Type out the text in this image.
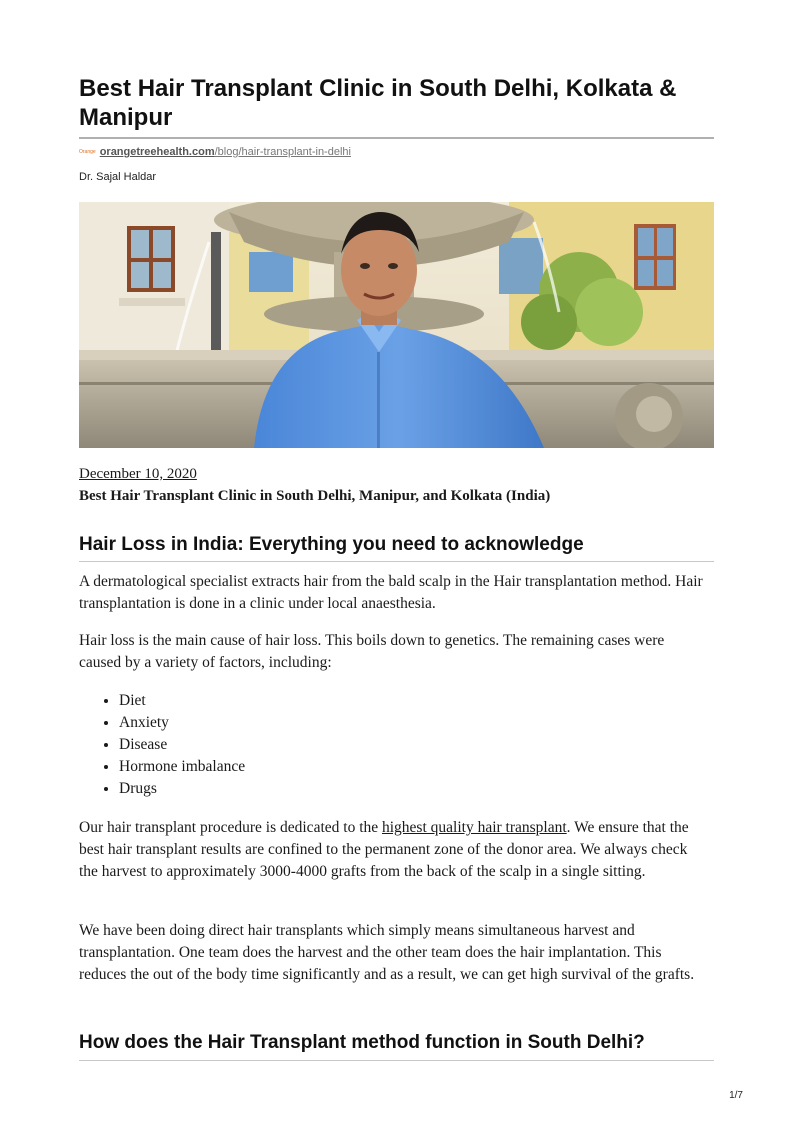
Best Hair Transplant Clinic in South Delhi, Kolkata & Manipur
Orange orangetreehealth.com /blog/hair-transplant-in-delhi
Dr. Sajal Haldar
December 10, 2020
Best Hair Transplant Clinic in South Delhi, Manipur, and Kolkata (India)
Hair Loss in India: Everything you need to acknowledge

A dermatological specialist extracts hair from the bald scalp in the Hair transplantation method. Hair transplantation is done in a clinic under local anaesthesia.

Hair loss is the main cause of hair loss. This boils down to genetics. The remaining cases were caused by a variety of factors, including:

• Diet
• Anxiety
• Disease
• Hormone imbalance
• Drugs

Our hair transplant procedure is dedicated to the highest quality hair transplant. We ensure that the best hair transplant results are confined to the permanent zone of the donor area. We always check the harvest to approximately 3000-4000 grafts from the back of the scalp in a single sitting.

We have been doing direct hair transplants which simply means simultaneous harvest and transplantation. One team does the harvest and the other team does the hair implantation. This reduces the out of the body time significantly and as a result, we can get high survival of the grafts.

How does the Hair Transplant method function in South Delhi?
1/7
